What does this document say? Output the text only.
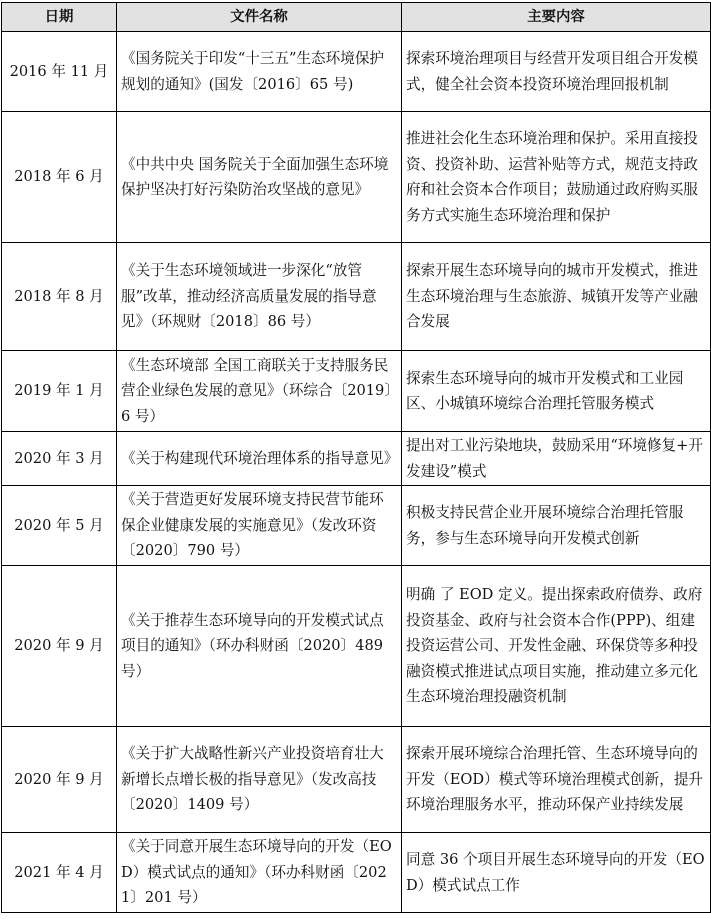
日期	文件名称	主要内容
2016 年 11 月	《国务院关于印发“十三五”生态环境保护规划的通知》(国发〔2016〕65 号)	探索环境治理项目与经营开发项目组合开发模式，健全社会资本投资环境治理回报机制
2018 年 6 月	《中共中央 国务院关于全面加强生态环境保护坚决打好污染防治攻坚战的意见》	推进社会化生态环境治理和保护。采用直接投资、投资补助、运营补贴等方式，规范支持政府和社会资本合作项目；鼓励通过政府购买服务方式实施生态环境治理和保护
2018 年 8 月	《关于生态环境领域进一步深化“放管服”改革，推动经济高质量发展的指导意见》（环规财〔2018〕86 号）	探索开展生态环境导向的城市开发模式，推进生态环境治理与生态旅游、城镇开发等产业融合发展
2019 年 1 月	《生态环境部 全国工商联关于支持服务民营企业绿色发展的意见》（环综合〔2019〕6 号）	探索生态环境导向的城市开发模式和工业园区、小城镇环境综合治理托管服务模式
2020 年 3 月	《关于构建现代环境治理体系的指导意见》	提出对工业污染地块，鼓励采用“环境修复+开发建设”模式
2020 年 5 月	《关于营造更好发展环境支持民营节能环保企业健康发展的实施意见》（发改环资〔2020〕790 号）	积极支持民营企业开展环境综合治理托管服务，参与生态环境导向开发模式创新
2020 年 9 月	《关于推荐生态环境导向的开发模式试点项目的通知》（环办科财函〔2020〕489 号）	明确 了 EOD 定义。提出探索政府债券、政府投资基金、政府与社会资本合作(PPP)、组建投资运营公司、开发性金融、环保贷等多种投融资模式推进试点项目实施，推动建立多元化生态环境治理投融资机制
2020 年 9 月	《关于扩大战略性新兴产业投资培育壮大新增长点增长极的指导意见》（发改高技〔2020〕1409 号）	探索开展环境综合治理托管、生态环境导向的开发（EOD）模式等环境治理模式创新，提升环境治理服务水平，推动环保产业持续发展
2021 年 4 月	《关于同意开展生态环境导向的开发（EOD）模式试点的通知》（环办科财函〔2021〕201 号）	同意 36 个项目开展生态环境导向的开发（EOD）模式试点工作
